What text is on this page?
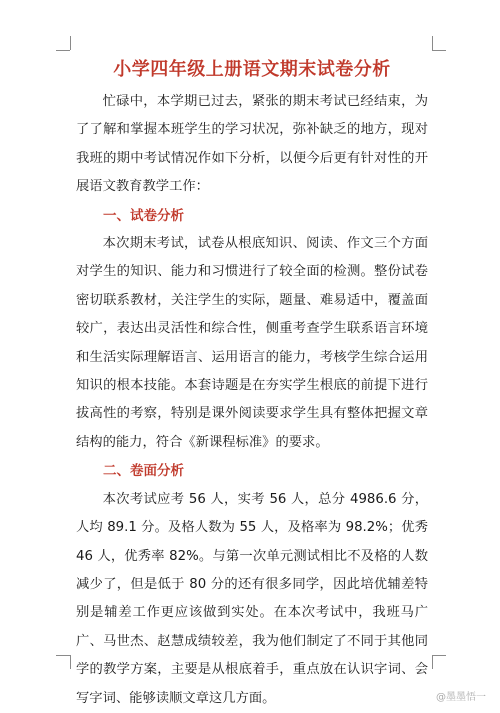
小学四年级上册语文期末试卷分析

忙碌中，本学期已过去，紧张的期末考试已经结束，为了了解和掌握本班学生的学习状况，弥补缺乏的地方，现对我班的期中考试情况作如下分析，以便今后更有针对性的开展语文教育教学工作：

一、试卷分析

本次期末考试，试卷从根底知识、阅读、作文三个方面对学生的知识、能力和习惯进行了较全面的检测。整份试卷密切联系教材，关注学生的实际，题量、难易适中，覆盖面较广，表达出灵活性和综合性，侧重考查学生联系语言环境和生活实际理解语言、运用语言的能力，考核学生综合运用知识的根本技能。本套诗题是在夯实学生根底的前提下进行拔高性的考察，特别是课外阅读要求学生具有整体把握文章结构的能力，符合《新课程标准》的要求。

二、卷面分析

本次考试应考 56 人，实考 56 人，总分 4986.6 分，人均 89.1 分。及格人数为 55 人，及格率为 98.2%；优秀 46 人，优秀率 82%。与第一次单元测试相比不及格的人数减少了，但是低于 80 分的还有很多同学，因此培优辅差特别是辅差工作更应该做到实处。在本次考试中，我班马广广、马世杰、赵慧成绩较差，我为他们制定了不同于其他同学的教学方案，主要是从根底着手，重点放在认识字词、会写字词、能够读顺文章这几方面。	@墨墨悟一
